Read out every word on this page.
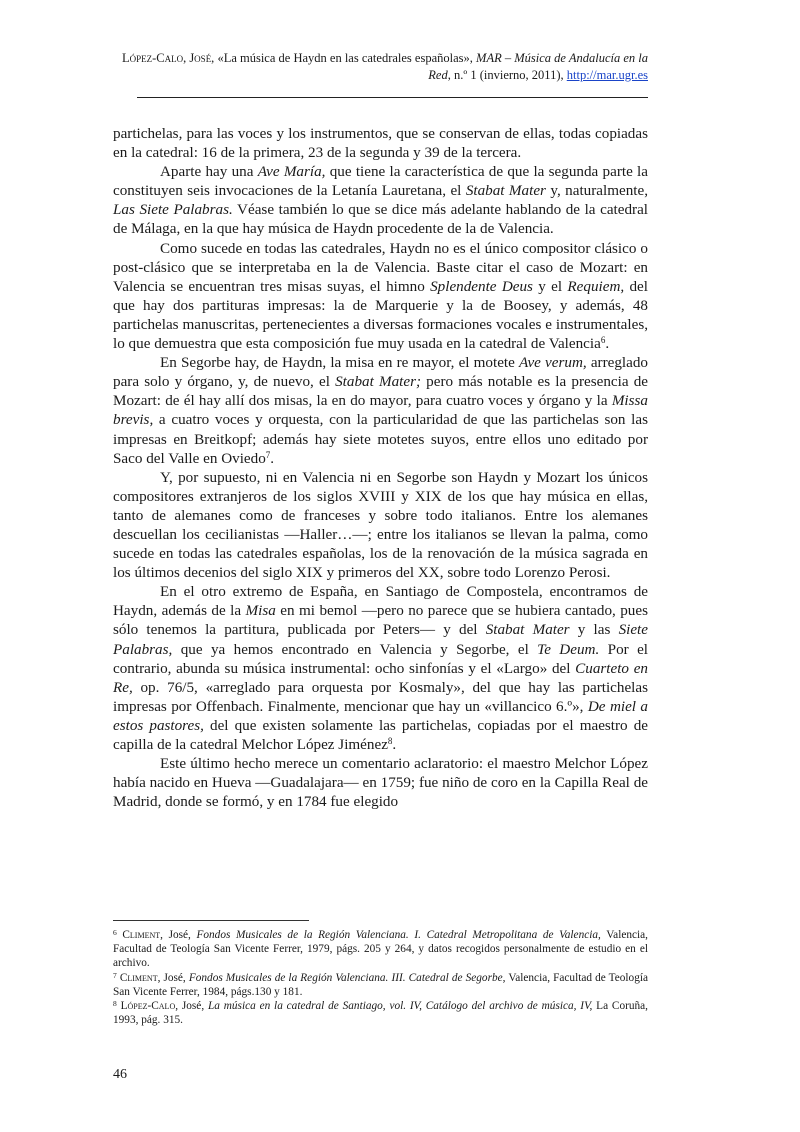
López-Calo, José, «La música de Haydn en las catedrales españolas», MAR – Música de Andalucía en la Red, n.º 1 (invierno, 2011), http://mar.ugr.es

partichelas, para las voces y los instrumentos, que se conservan de ellas, todas copiadas en la catedral: 16 de la primera, 23 de la segunda y 39 de la tercera.

Aparte hay una Ave María, que tiene la característica de que la segunda parte la constituyen seis invocaciones de la Letanía Lauretana, el Stabat Mater y, naturalmente, Las Siete Palabras. Véase también lo que se dice más adelante hablando de la catedral de Málaga, en la que hay música de Haydn procedente de la de Valencia.

Como sucede en todas las catedrales, Haydn no es el único compositor clásico o post-clásico que se interpretaba en la de Valencia. Baste citar el caso de Mozart: en Valencia se encuentran tres misas suyas, el himno Splendente Deus y el Requiem, del que hay dos partituras impresas: la de Marquerie y la de Boosey, y además, 48 partichelas manuscritas, pertenecientes a diversas formaciones vocales e instrumentales, lo que demuestra que esta composición fue muy usada en la catedral de Valencia$^6$.

En Segorbe hay, de Haydn, la misa en re mayor, el motete Ave verum, arreglado para solo y órgano, y, de nuevo, el Stabat Mater; pero más notable es la presencia de Mozart: de él hay allí dos misas, la en do mayor, para cuatro voces y órgano y la Missa brevis, a cuatro voces y orquesta, con la particularidad de que las partichelas son las impresas en Breitkopf; además hay siete motetes suyos, entre ellos uno editado por Saco del Valle en Oviedo$^7$.

Y, por supuesto, ni en Valencia ni en Segorbe son Haydn y Mozart los únicos compositores extranjeros de los siglos XVIII y XIX de los que hay música en ellas, tanto de alemanes como de franceses y sobre todo italianos. Entre los alemanes descuellan los cecilianistas —Haller…—; entre los italianos se llevan la palma, como sucede en todas las catedrales españolas, los de la renovación de la música sagrada en los últimos decenios del siglo XIX y primeros del XX, sobre todo Lorenzo Perosi.

En el otro extremo de España, en Santiago de Compostela, encontramos de Haydn, además de la Misa en mi bemol —pero no parece que se hubiera cantado, pues sólo tenemos la partitura, publicada por Peters— y del Stabat Mater y las Siete Palabras, que ya hemos encontrado en Valencia y Segorbe, el Te Deum. Por el contrario, abunda su música instrumental: ocho sinfonías y el «Largo» del Cuarteto en Re, op. 76/5, «arreglado para orquesta por Kosmaly», del que hay las partichelas impresas por Offenbach. Finalmente, mencionar que hay un «villancico 6.º», De miel a estos pastores, del que existen solamente las partichelas, copiadas por el maestro de capilla de la catedral Melchor López Jiménez$^8$.

Este último hecho merece un comentario aclaratorio: el maestro Melchor López había nacido en Hueva —Guadalajara— en 1759; fue niño de coro en la Capilla Real de Madrid, donde se formó, y en 1784 fue elegido

$^6$ Climent, José, Fondos Musicales de la Región Valenciana. I. Catedral Metropolitana de Valencia, Valencia, Facultad de Teología San Vicente Ferrer, 1979, págs. 205 y 264, y datos recogidos personalmente de estudio en el archivo.

$^7$ Climent, José, Fondos Musicales de la Región Valenciana. III. Catedral de Segorbe, Valencia, Facultad de Teología San Vicente Ferrer, 1984, págs.130 y 181.

$^8$ López-Calo, José, La música en la catedral de Santiago, vol. IV, Catálogo del archivo de música, IV, La Coruña, 1993, pág. 315.

46
